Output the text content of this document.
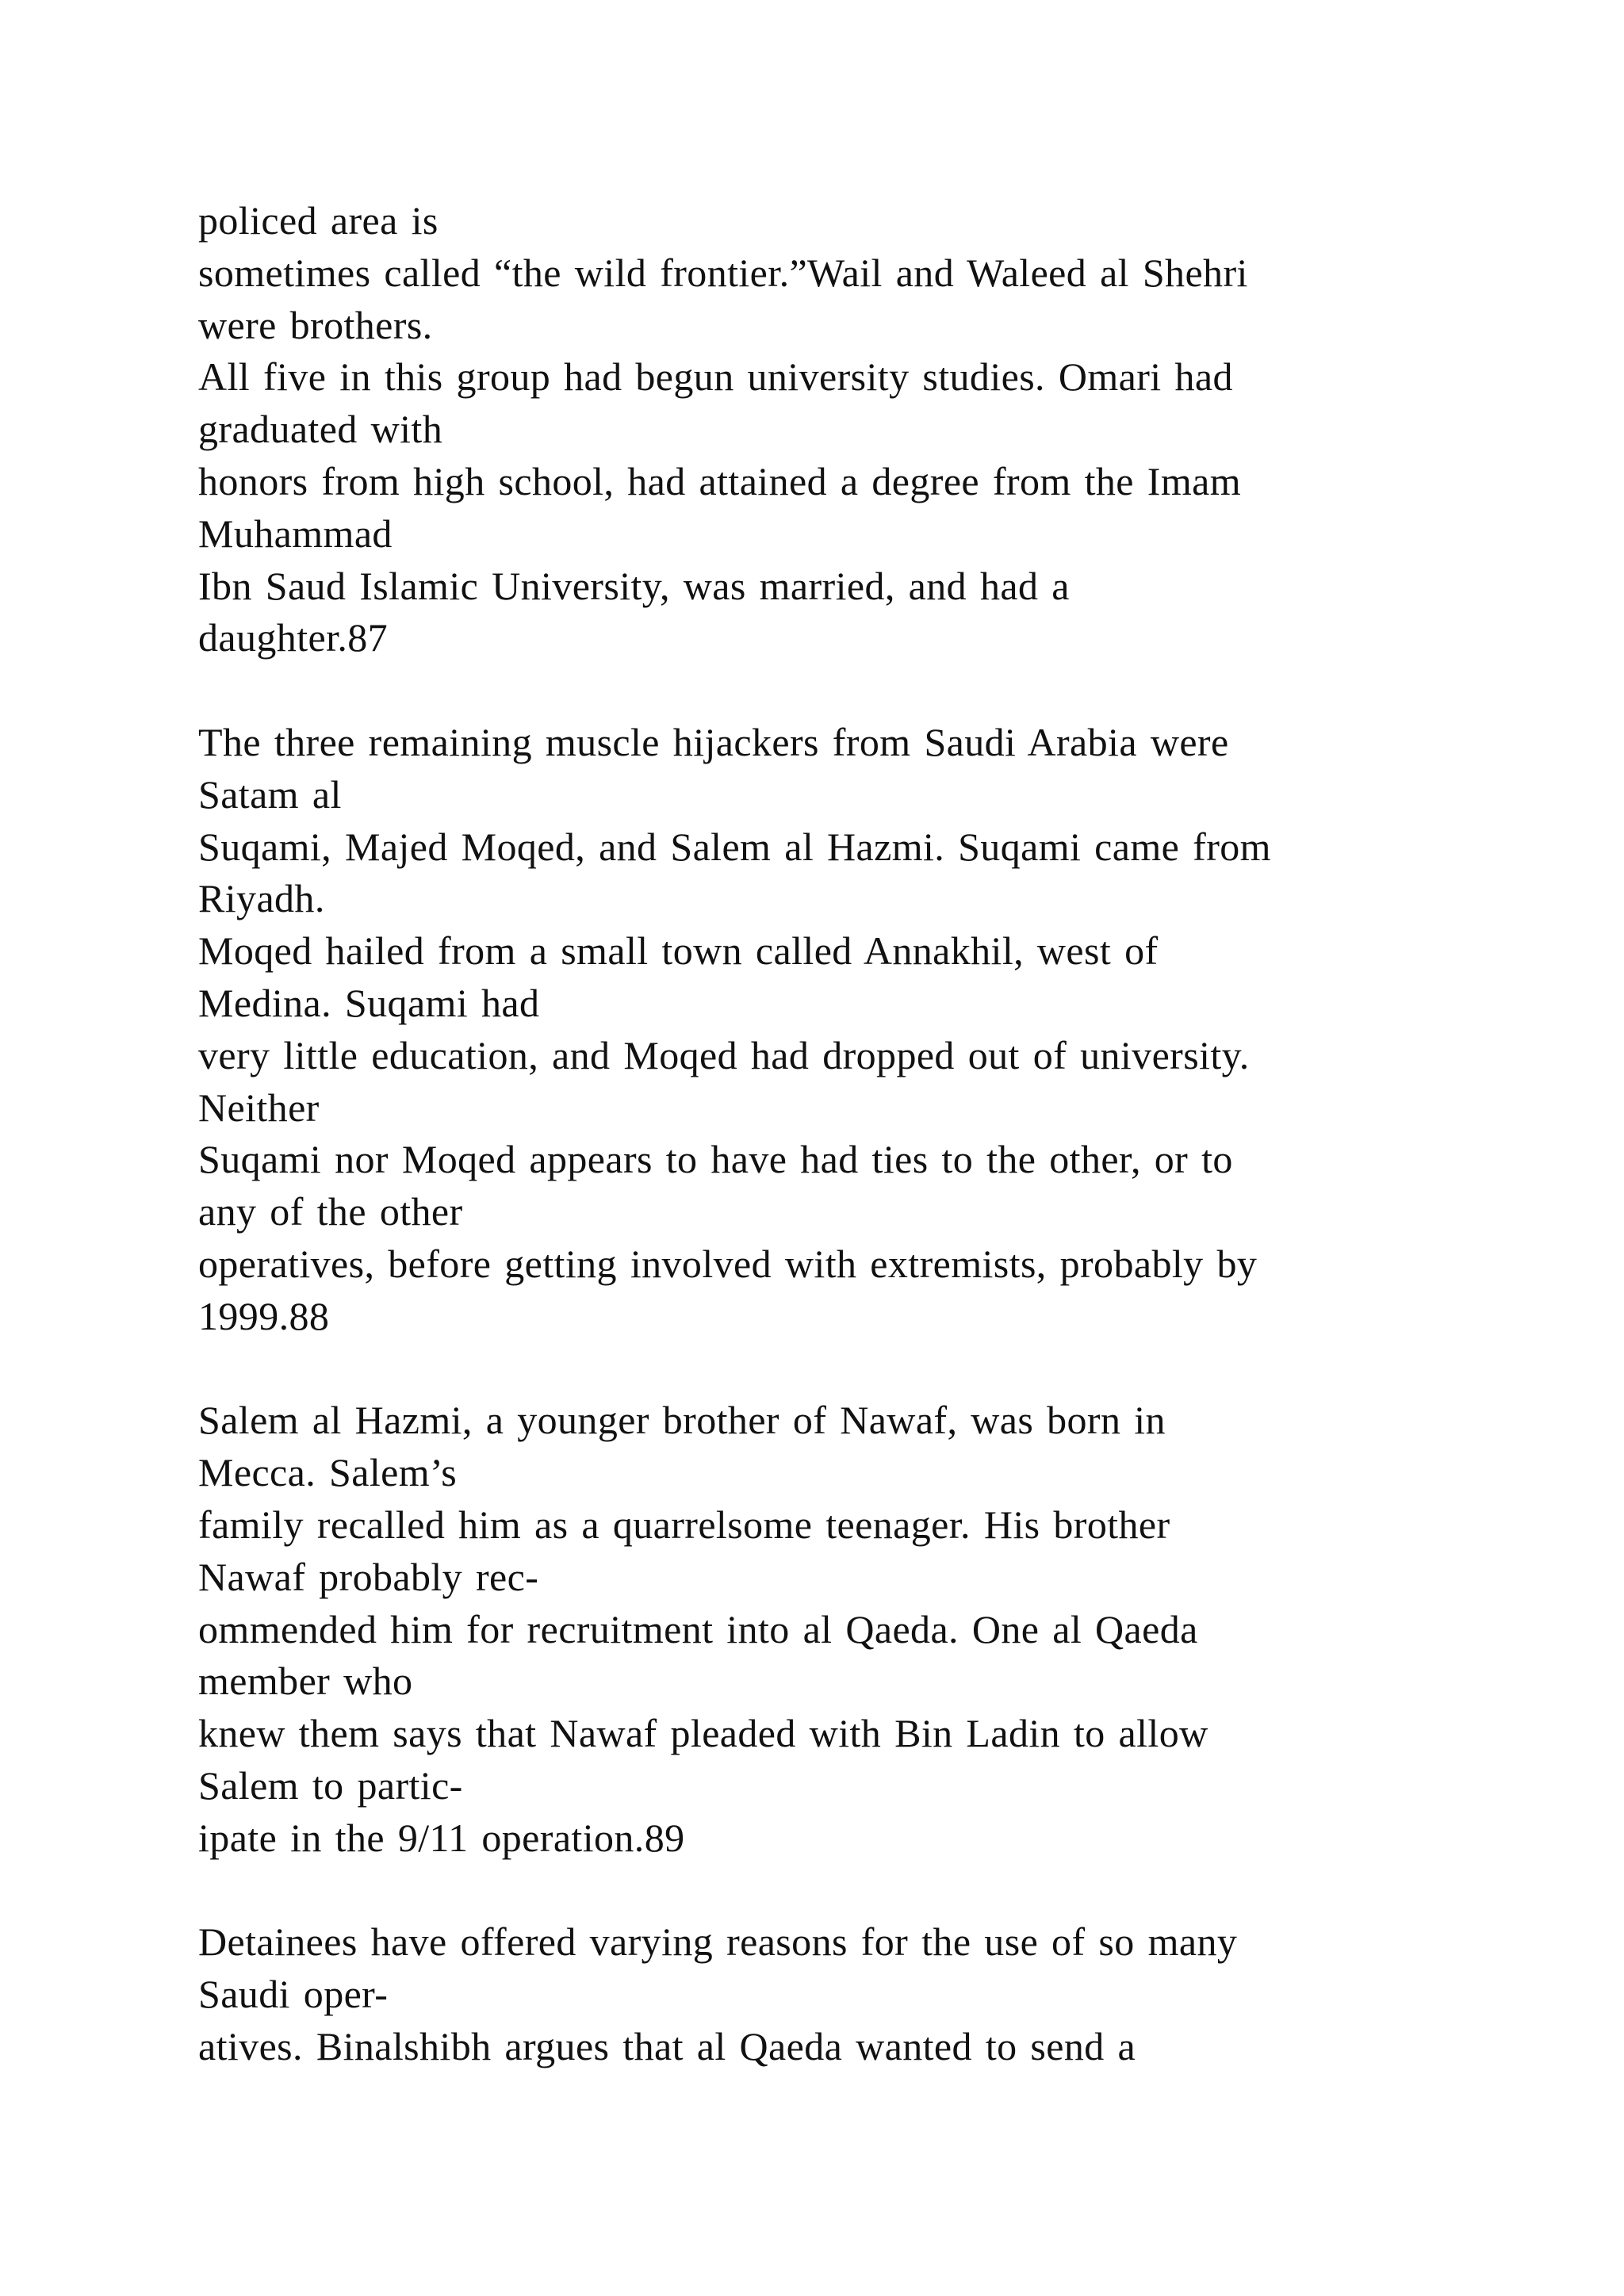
policed area is
sometimes called “the wild frontier.”Wail and Waleed al Shehri
were brothers.
All five in this group had begun university studies. Omari had
graduated with
honors from high school, had attained a degree from the Imam
Muhammad
Ibn Saud Islamic University, was married, and had a
daughter.87
The three remaining muscle hijackers from Saudi Arabia were
Satam al
Suqami, Majed Moqed, and Salem al Hazmi. Suqami came from
Riyadh.
Moqed hailed from a small town called Annakhil, west of
Medina. Suqami had
very little education, and Moqed had dropped out of university.
Neither
Suqami nor Moqed appears to have had ties to the other, or to
any of the other
operatives, before getting involved with extremists, probably by
1999.88
Salem al Hazmi, a younger brother of Nawaf, was born in
Mecca. Salem’s
family recalled him as a quarrelsome teenager. His brother
Nawaf probably rec-
ommended him for recruitment into al Qaeda. One al Qaeda
member who
knew them says that Nawaf pleaded with Bin Ladin to allow
Salem to partic-
ipate in the 9/11 operation.89
Detainees have offered varying reasons for the use of so many
Saudi oper-
atives. Binalshibh argues that al Qaeda wanted to send a
